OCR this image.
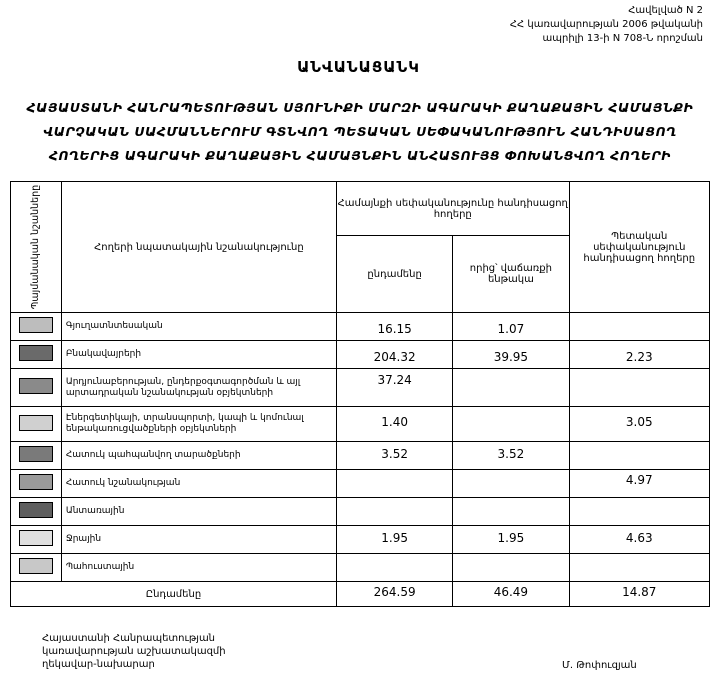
Հավելված N 2
ՀՀ կառավարության 2006 թվականի
ապրիլի 13-ի N 708-Ն որոշման
ԱՆՎԱՆԱՑԱՆԿ
ՀԱՅԱՍՏԱՆԻ ՀԱՆՐԱՊԵՏՈՒԹՅԱՆ ՍՅՈՒՆԻՔԻ ՄԱՐԶԻ ԱԳԱՐԱԿԻ ՔԱՂԱՔԱՅԻՆ ՀԱՄԱՅՆՔԻ
ՎԱՐՉԱԿԱՆ ՍԱՀՄԱՆՆԵՐՈՒՄ ԳՏՆՎՈՂ ՊԵՏԱԿԱՆ ՍԵՓԱԿԱՆՈՒԹՅՈՒՆ ՀԱՆԴԻՍԱՑՈՂ
ՀՈՂԵՐԻՑ ԱԳԱՐԱԿԻ ՔԱՂԱՔԱՅԻՆ ՀԱՄԱՅՆՔԻՆ ԱՆՀԱՏՈՒՅՑ ՓՈԽԱՆՑՎՈՂ ՀՈՂԵՐԻ
Պայմանական նշանները	Հողերի նպատակային նշանակությունը	Համայնքի սեփականությունը հանդիսացող հողերը		Պետական սեփականություն հանդիսացող հողերը
		ընդամենը	որից՝ վաճառքի ենթակա	
	Գյուղատնտեսական	16.15	1.07	
	Բնակավայրերի	204.32	39.95	2.23
	Արդյունաբերության, ընդերքօգտագործման և այլ արտադրական նշանակության օբյեկտների	37.24		
	Էներգետիկայի, տրանսպորտի, կապի և կոմունալ ենթակառուցվածքների օբյեկտների	1.40		3.05
	Հատուկ պահպանվող տարածքների	3.52	3.52	
	Հատուկ նշանակության			4.97
	Անտառային			
	Ջրային	1.95	1.95	4.63
	Պահուստային			
Ընդամենը		264.59	46.49	14.87
Հայաստանի Հանրապետության
կառավարության աշխատակազմի
ղեկավար-նախարար	Մ. Թոփուզյան
